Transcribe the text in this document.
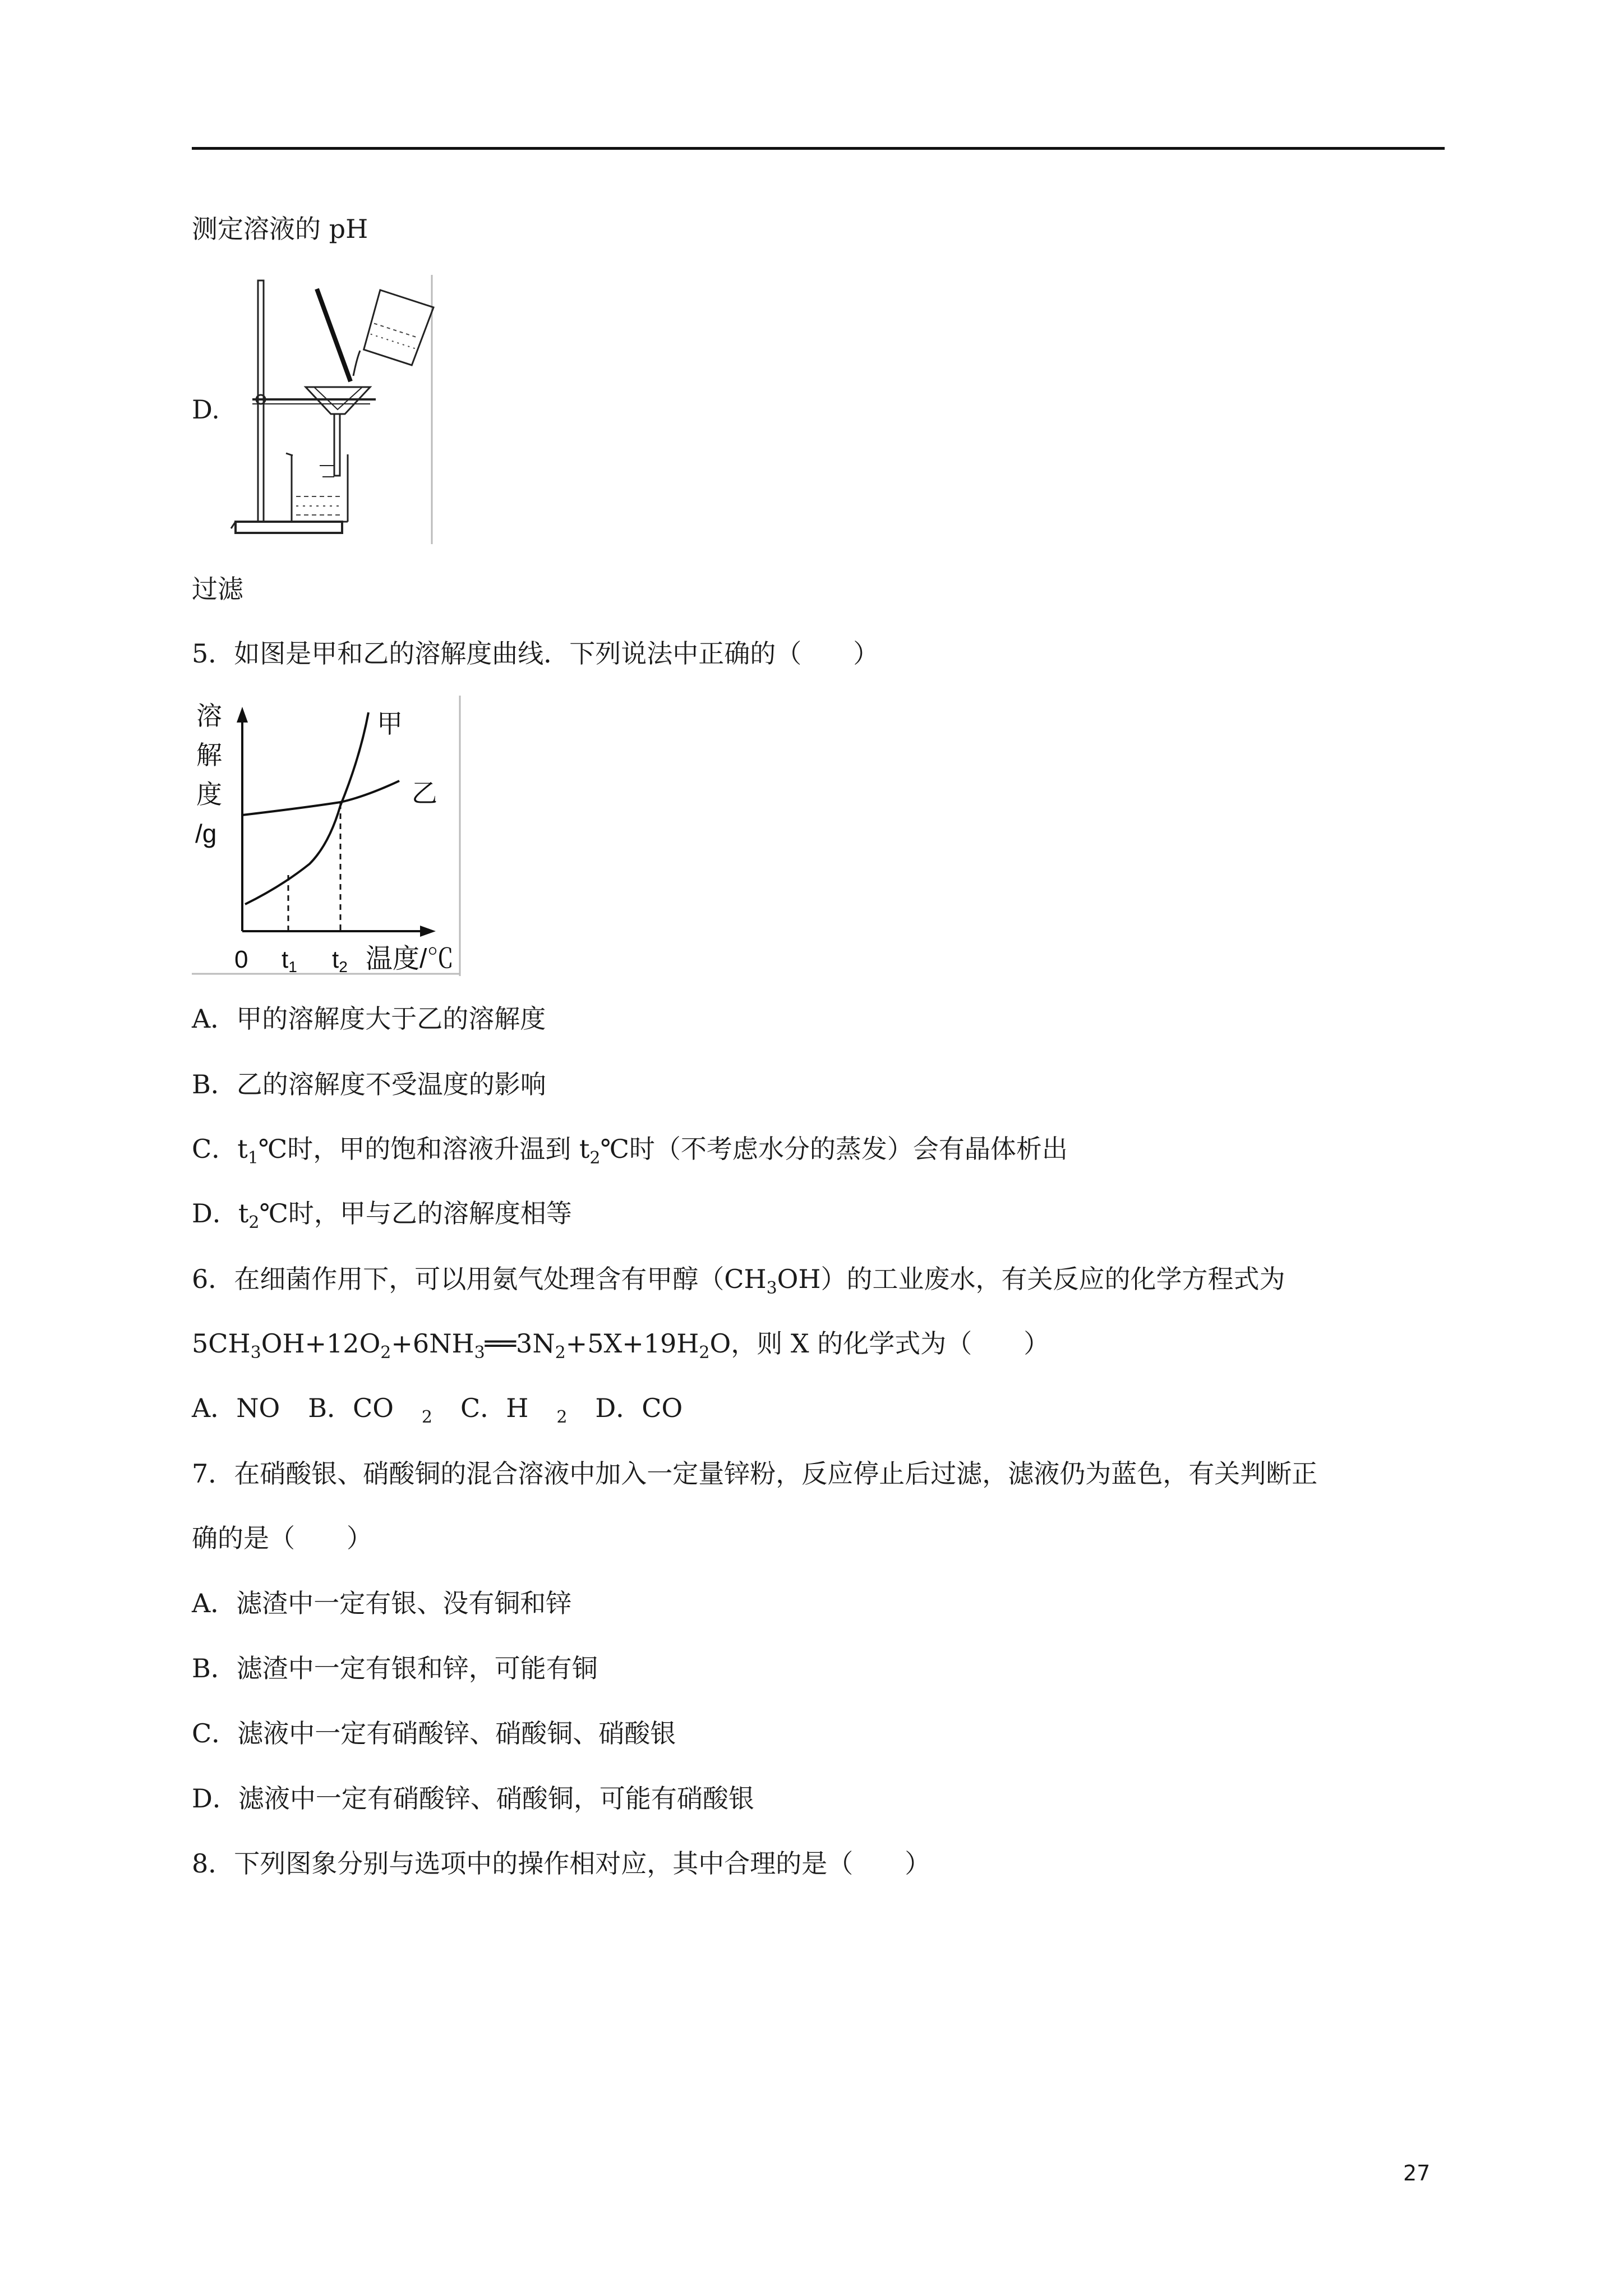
测定溶液的 pH
D.
过滤
5．如图是甲和乙的溶解度曲线．下列说法中正确的（　　）
溶
解
度
/g
甲
乙
0 t1 t2 温度/℃
A．甲的溶解度大于乙的溶解度
B．乙的溶解度不受温度的影响
C．$t_1℃$时，甲的饱和溶液升温到 $t_2℃$时（不考虑水分的蒸发）会有晶体析出
D．$t_2℃$时，甲与乙的溶解度相等
6．在细菌作用下，可以用氨气处理含有甲醇$(CH_3OH)$的工业废水，有关反应的化学方程式为
$5CH_3OH+12O_2+6NH_3══3N_2+5X+19H_2O$，则 X 的化学式为（　　）
A．NO B．CO $_2$ C．H $_2$ D．CO
7．在硝酸银、硝酸铜的混合溶液中加入一定量锌粉，反应停止后过滤，滤液仍为蓝色，有关判断正
确的是（　　）
A．滤渣中一定有银、没有铜和锌
B．滤渣中一定有银和锌，可能有铜
C．滤液中一定有硝酸锌、硝酸铜、硝酸银
D．滤液中一定有硝酸锌、硝酸铜，可能有硝酸银
8．下列图象分别与选项中的操作相对应，其中合理的是（　　）
27
